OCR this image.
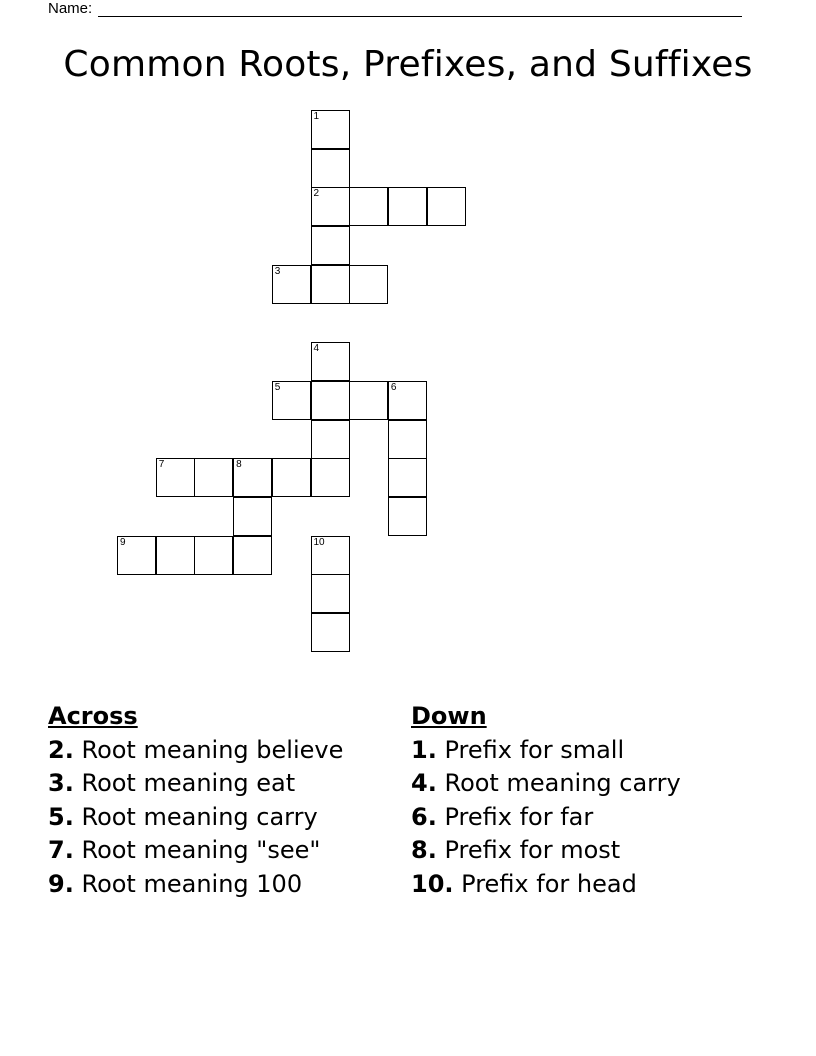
Name:
Common Roots, Prefixes, and Suffixes
1
2
3
4
5	6
7	8
9	10
Across
2. Root meaning believe
3. Root meaning eat
5. Root meaning carry
7. Root meaning "see"
9. Root meaning 100
Down
1. Prefix for small
4. Root meaning carry
6. Prefix for far
8. Prefix for most
10. Prefix for head
